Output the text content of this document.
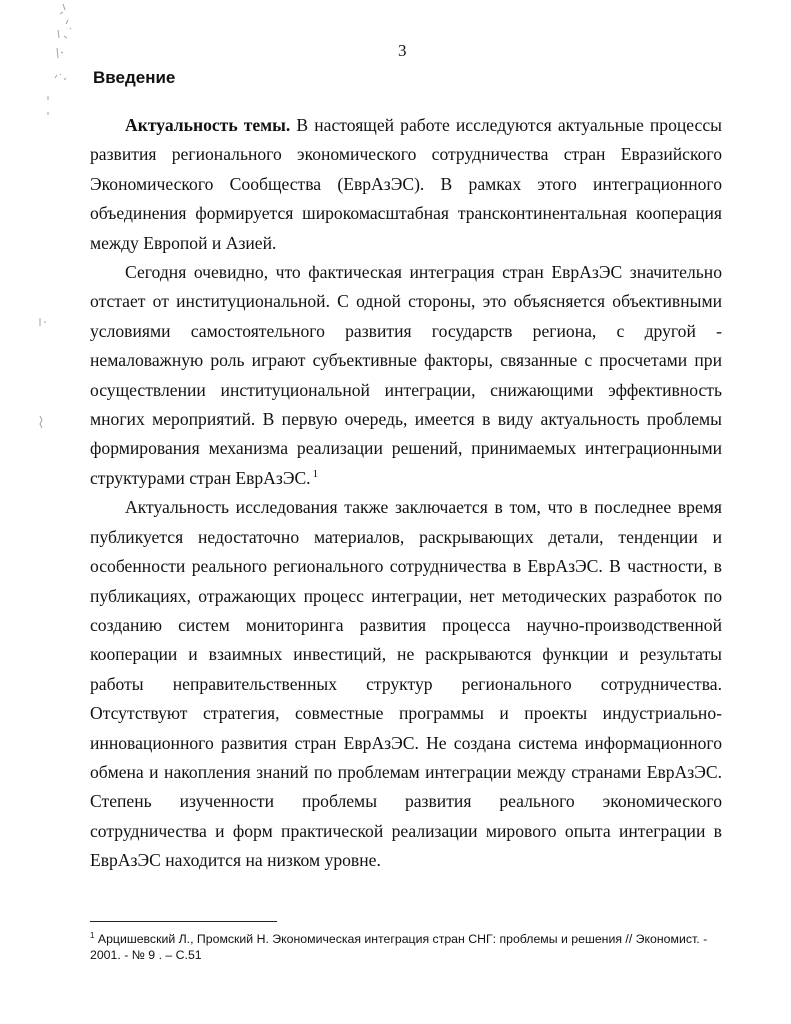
3
Введение

Актуальность темы. В настоящей работе исследуются актуальные процессы развития регионального экономического сотрудничества стран Евразийского Экономического Сообщества (ЕврАзЭС). В рамках этого интеграционного объединения формируется широкомасштабная трансконтинентальная кооперация между Европой и Азией.

Сегодня очевидно, что фактическая интеграция стран ЕврАзЭС значительно отстает от институциональной. С одной стороны, это объясняется объективными условиями самостоятельного развития государств региона, с другой - немаловажную роль играют субъективные факторы, связанные с просчетами при осуществлении институциональной интеграции, снижающими эффективность многих мероприятий. В первую очередь, имеется в виду актуальность проблемы формирования механизма реализации решений, принимаемых интеграционными структурами стран ЕврАзЭС. $^1$

Актуальность исследования также заключается в том, что в последнее время публикуется недостаточно материалов, раскрывающих детали, тенденции и особенности реального регионального сотрудничества в ЕврАзЭС. В частности, в публикациях, отражающих процесс интеграции, нет методических разработок по созданию систем мониторинга развития процесса научно-производственной кооперации и взаимных инвестиций, не раскрываются функции и результаты работы неправительственных структур регионального сотрудничества. Отсутствуют стратегия, совместные программы и проекты индустриально-инновационного развития стран ЕврАзЭС. Не создана система информационного обмена и накопления знаний по проблемам интеграции между странами ЕврАзЭС. Степень изученности проблемы развития реального экономического сотрудничества и форм практической реализации мирового опыта интеграции в ЕврАзЭС находится на низком уровне.

$^1$ Арцишевский Л., Промский Н. Экономическая интеграция стран СНГ: проблемы и решения // Экономист. - 2001. - № 9 . – С.51
